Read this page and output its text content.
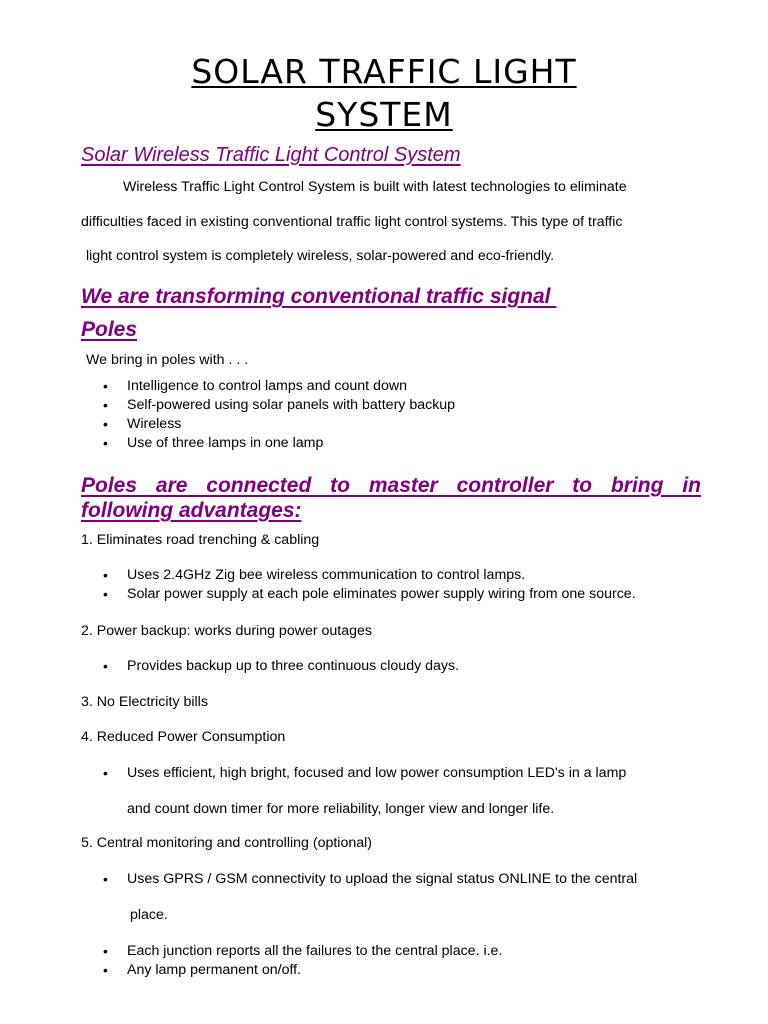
SOLAR TRAFFIC LIGHT
SYSTEM
Solar Wireless Traffic Light Control System
Wireless Traffic Light Control System is built with latest technologies to eliminate
difficulties faced in existing conventional traffic light control systems. This type of traffic
light control system is completely wireless, solar-powered and eco-friendly.
We are transforming conventional traffic signal
Poles
We bring in poles with . . .
• Intelligence to control lamps and count down
• Self-powered using solar panels with battery backup
• Wireless
• Use of three lamps in one lamp
Poles are connected to master controller to bring in
following advantages:
1. Eliminates road trenching & cabling
• Uses 2.4GHz Zig bee wireless communication to control lamps.
• Solar power supply at each pole eliminates power supply wiring from one source.
2. Power backup: works during power outages
• Provides backup up to three continuous cloudy days.
3. No Electricity bills
4. Reduced Power Consumption
• Uses efficient, high bright, focused and low power consumption LED's in a lamp
and count down timer for more reliability, longer view and longer life.
5. Central monitoring and controlling (optional)
• Uses GPRS / GSM connectivity to upload the signal status ONLINE to the central
place.
• Each junction reports all the failures to the central place. i.e.
• Any lamp permanent on/off.
